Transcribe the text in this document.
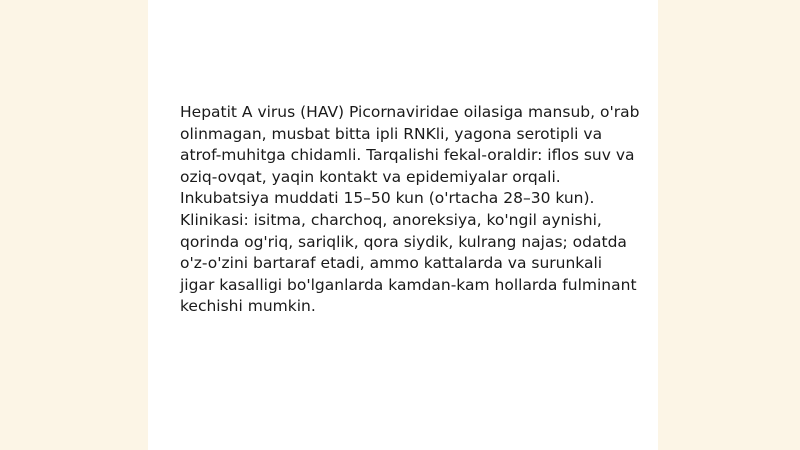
Hepatit A virus (HAV) Picornaviridae oilasiga mansub, o'rab olinmagan, musbat bitta ipli RNKli, yagona serotipli va atrof-muhitga chidamli. Tarqalishi fekal-oraldir: iflos suv va oziq-ovqat, yaqin kontakt va epidemiyalar orqali. Inkubatsiya muddati 15–50 kun (o'rtacha 28–30 kun). Klinikasi: isitma, charchoq, anoreksiya, ko'ngil aynishi, qorinda og'riq, sariqlik, qora siydik, kulrang najas; odatda o'z-o'zini bartaraf etadi, ammo kattalarda va surunkali jigar kasalligi bo'lganlarda kamdan-kam hollarda fulminant kechishi mumkin.
